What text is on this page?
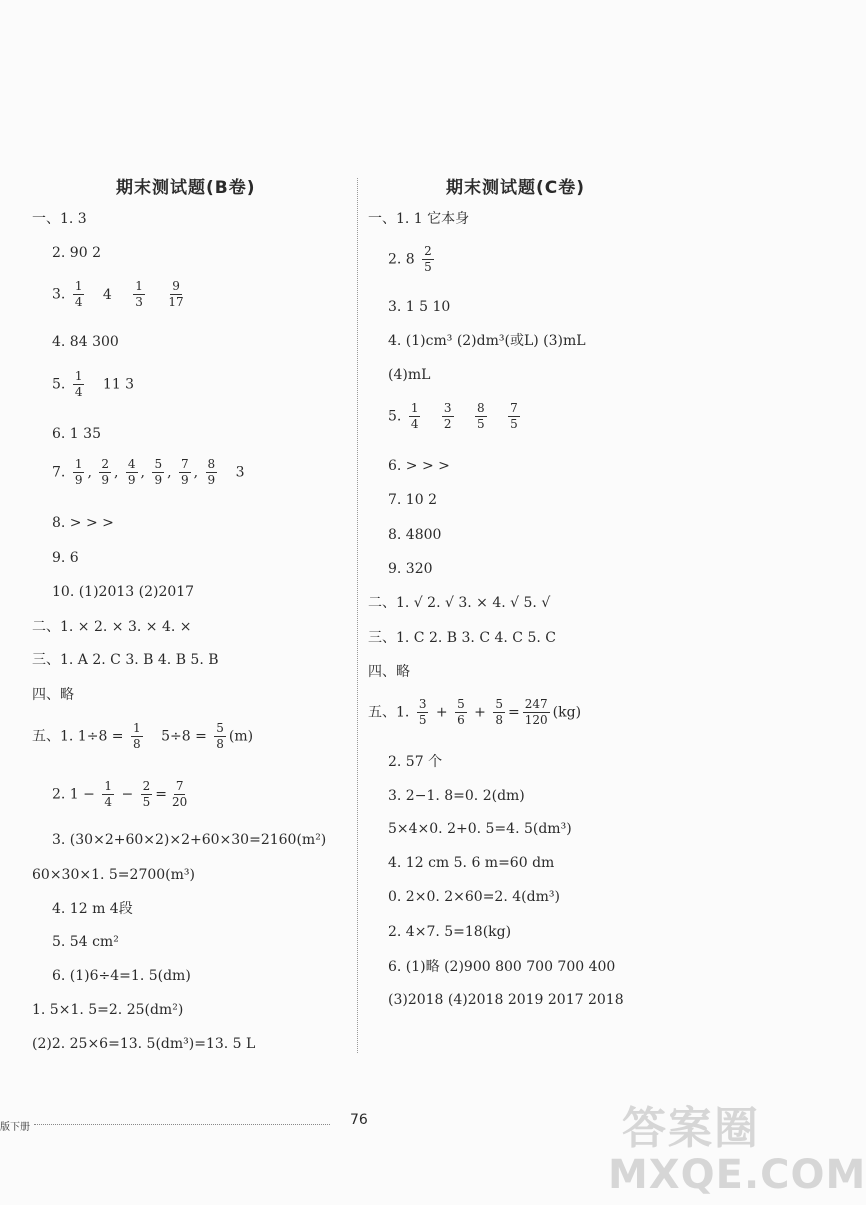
期末测试题(B卷)	期末测试题(C卷)
一、1. 3
2. 90 2
3. $\frac{1}{4} 4 \frac{1}{3}$
$\frac{9}{17}$
4. 84 300
5. $\frac{1}{4} 11$ 3
6. 1 35
7. $\frac{1}{9}$ , $\frac{2}{9}$ , $\frac{4}{9}$ , $\frac{5}{9}$ , $\frac{7}{9}$ , $\frac{8}{9} 3$
8. > > >
9. 6
10. (1)2013 (2)2017
二、1. × 2. × 3. × 4. ×
三、1. A 2. C 3. B 4. B 5. B
四、略
五、1. $1\div 8 = \frac{1}{8} 5\div 8 = \frac{5}{8} (m)$
2. $1 - \frac{1}{4} - \frac{2}{5} = \frac{7}{20}$
3. (30×2+60×2)×2+60×30=2160(m²)
60×30×1. 5=2700(m³)
4. 12 m 4段
5. 54 cm²
6. (1)6÷4=1. 5(dm)
1. 5×1. 5=2. 25(dm²)
(2)2. 25×6=13. 5(dm³)=13. 5 L
一、1. 1 它本身
2. $8 \frac{2}{5}$
3. 1 5 10
4. (1)cm³ (2)dm³(或L) (3)mL
(4)mL
5. $\frac{1}{4}$
$\frac{3}{2}$
$\frac{8}{5}$
$\frac{7}{5}$
6. > > >
7. 10 2
8. 4800
9. 320
二、1. √ 2. √ 3. × 4. √ 5. √
三、1. C 2. B 3. C 4. C 5. C
四、略
五、1. $\frac{3}{5} + \frac{5}{6} + \frac{5}{8} = \frac{247}{120} (kg)$
2. 57 个
3. 2−1. 8=0. 2(dm)
5×4×0. 2+0. 5=4. 5(dm³)
4. 12 cm 5. 6 m=60 dm
0. 2×0. 2×60=2. 4(dm³)
2. 4×7. 5=18(kg)
6. (1)略 (2)900 800 700 700 400
(3)2018 (4)2018 2019 2017 2018
版下册	76	答案圈
MXQE.COM
